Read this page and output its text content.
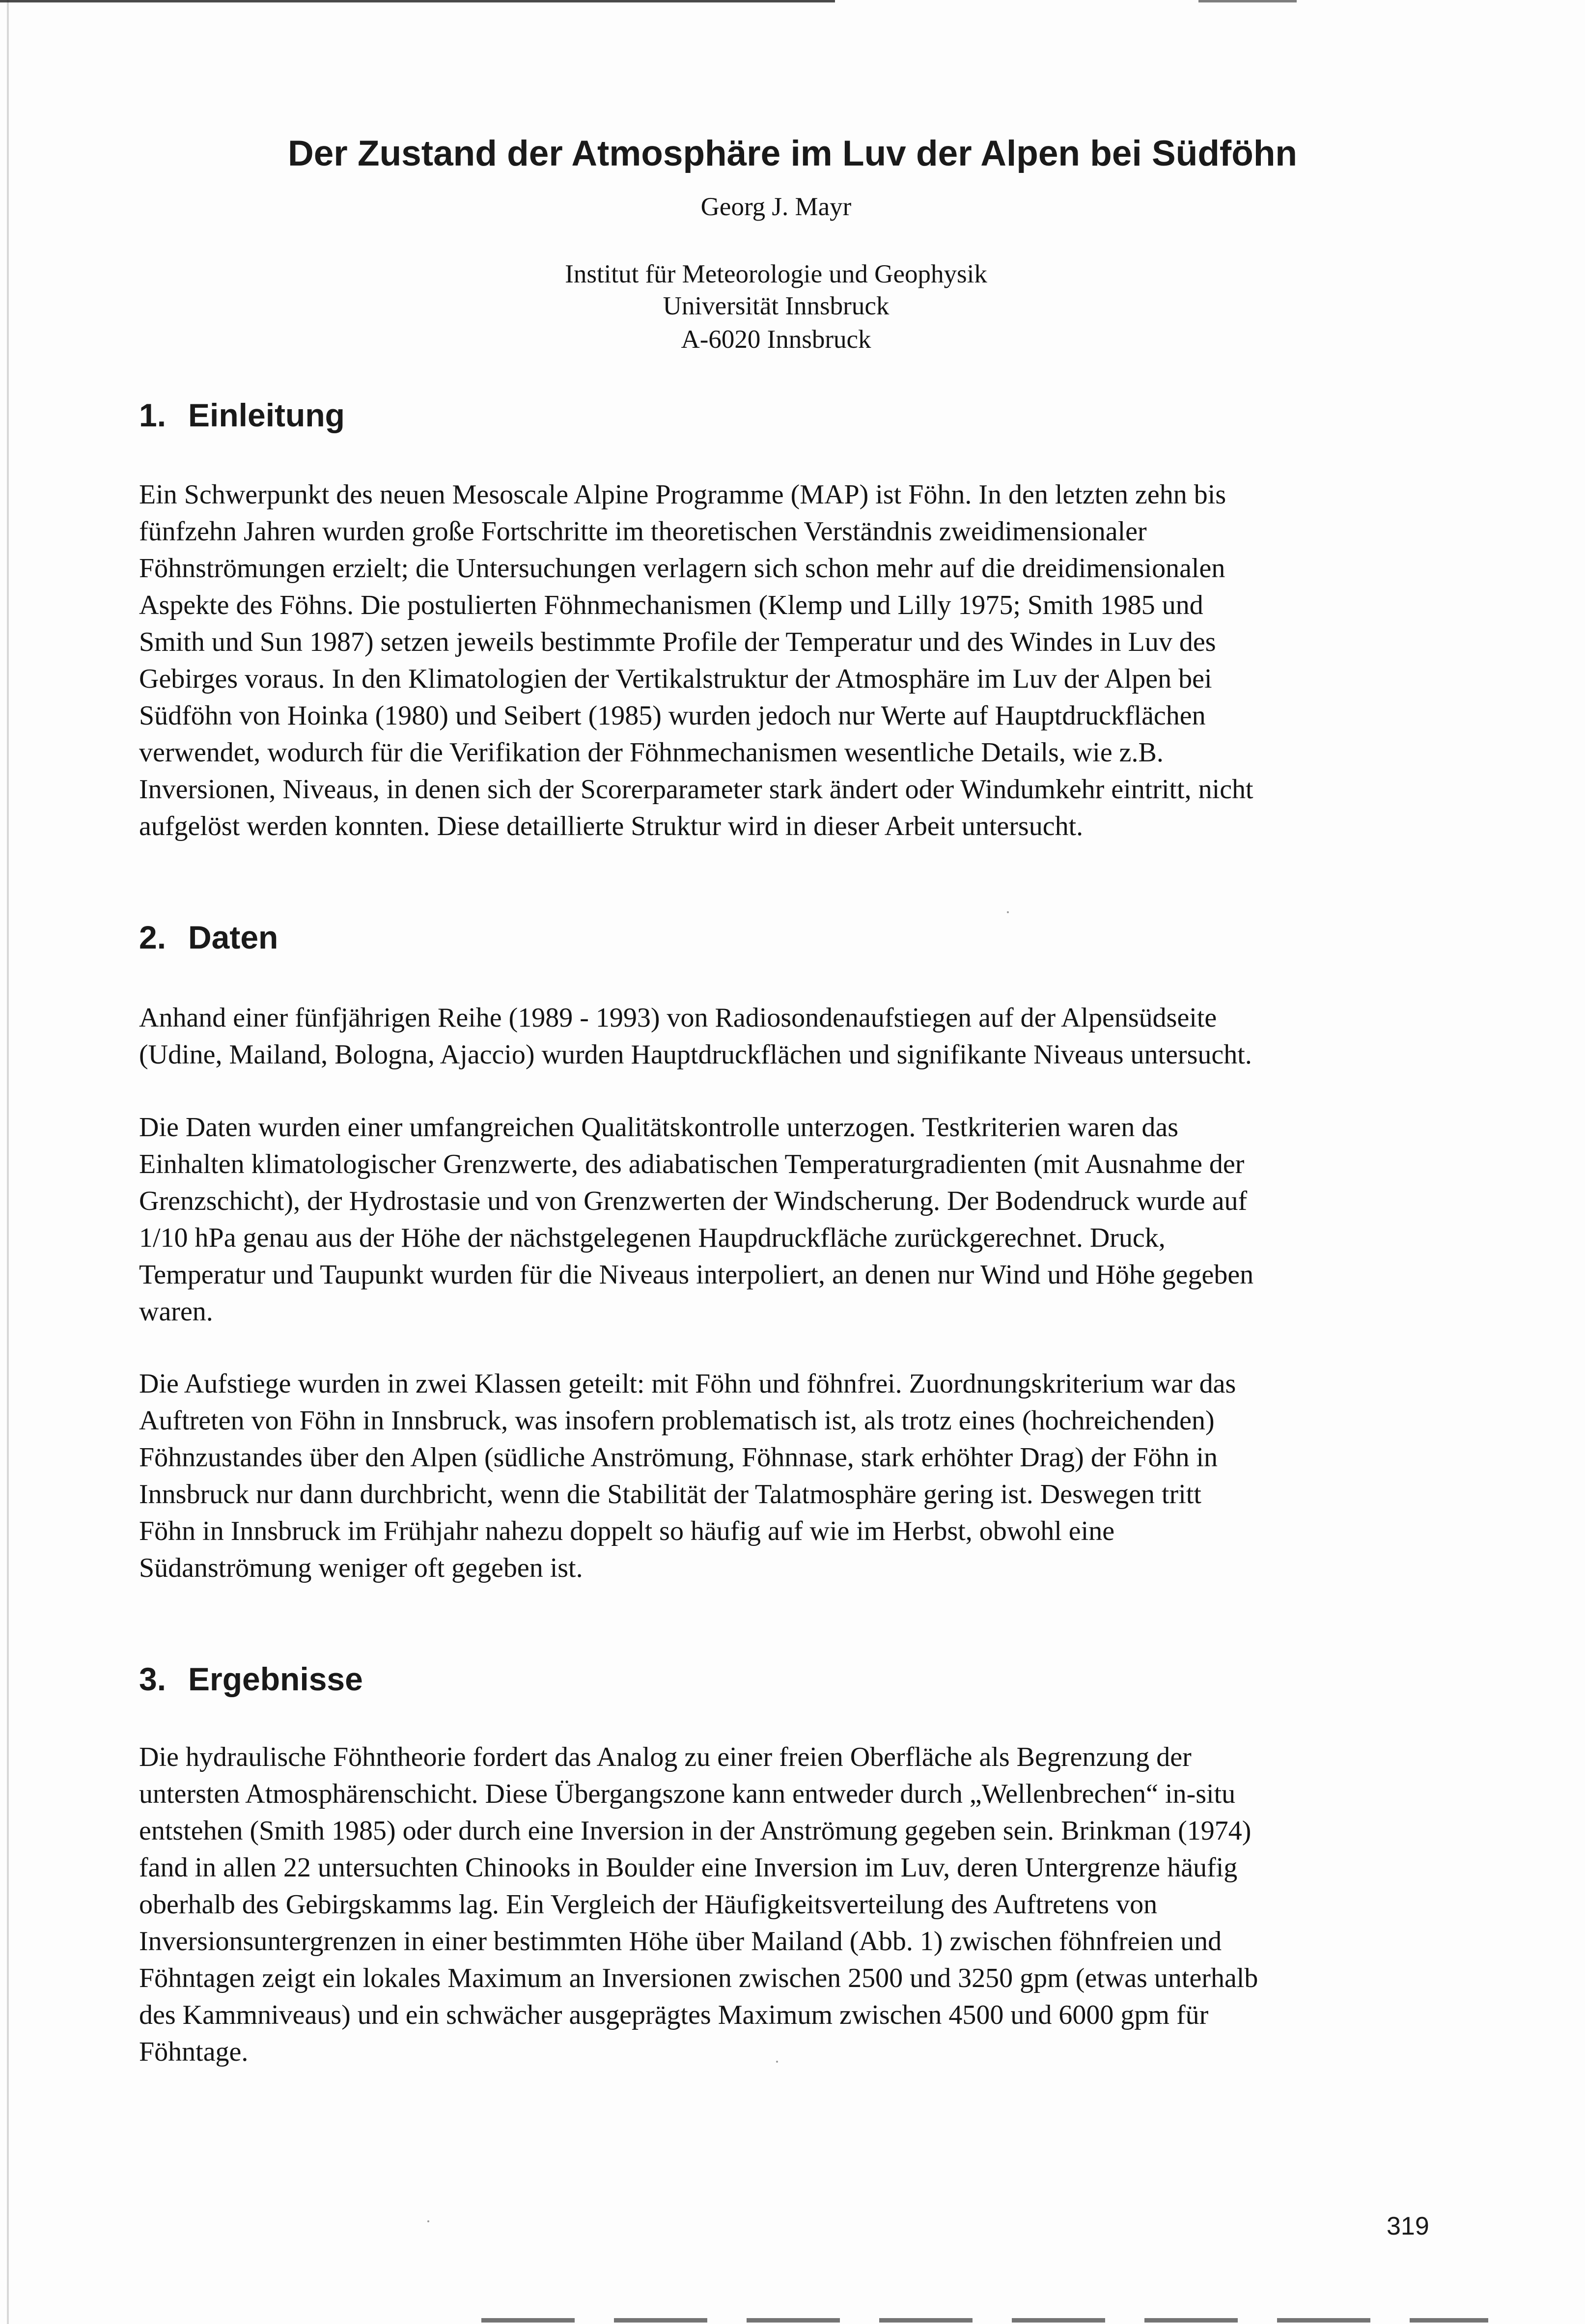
Der Zustand der Atmosphäre im Luv der Alpen bei Südföhn
Georg J. Mayr
Institut für Meteorologie und Geophysik
Universität Innsbruck
A-6020 Innsbruck
1. Einleitung

Ein Schwerpunkt des neuen Mesoscale Alpine Programme (MAP) ist Föhn. In den letzten zehn bis
fünfzehn Jahren wurden große Fortschritte im theoretischen Verständnis zweidimensionaler
Föhnströmungen erzielt; die Untersuchungen verlagern sich schon mehr auf die dreidimensionalen
Aspekte des Föhns. Die postulierten Föhnmechanismen (Klemp und Lilly 1975; Smith 1985 und
Smith und Sun 1987) setzen jeweils bestimmte Profile der Temperatur und des Windes in Luv des
Gebirges voraus. In den Klimatologien der Vertikalstruktur der Atmosphäre im Luv der Alpen bei
Südföhn von Hoinka (1980) und Seibert (1985) wurden jedoch nur Werte auf Hauptdruckflächen
verwendet, wodurch für die Verifikation der Föhnmechanismen wesentliche Details, wie z.B.
Inversionen, Niveaus, in denen sich der Scorerparameter stark ändert oder Windumkehr eintritt, nicht
aufgelöst werden konnten. Diese detaillierte Struktur wird in dieser Arbeit untersucht.

2. Daten

Anhand einer fünfjährigen Reihe (1989 - 1993) von Radiosondenaufstiegen auf der Alpensüdseite
(Udine, Mailand, Bologna, Ajaccio) wurden Hauptdruckflächen und signifikante Niveaus untersucht.

Die Daten wurden einer umfangreichen Qualitätskontrolle unterzogen. Testkriterien waren das
Einhalten klimatologischer Grenzwerte, des adiabatischen Temperaturgradienten (mit Ausnahme der
Grenzschicht), der Hydrostasie und von Grenzwerten der Windscherung. Der Bodendruck wurde auf
1/10 hPa genau aus der Höhe der nächstgelegenen Haupdruckfläche zurückgerechnet. Druck,
Temperatur und Taupunkt wurden für die Niveaus interpoliert, an denen nur Wind und Höhe gegeben
waren.

Die Aufstiege wurden in zwei Klassen geteilt: mit Föhn und föhnfrei. Zuordnungskriterium war das
Auftreten von Föhn in Innsbruck, was insofern problematisch ist, als trotz eines (hochreichenden)
Föhnzustandes über den Alpen (südliche Anströmung, Föhnnase, stark erhöhter Drag) der Föhn in
Innsbruck nur dann durchbricht, wenn die Stabilität der Talatmosphäre gering ist. Deswegen tritt
Föhn in Innsbruck im Frühjahr nahezu doppelt so häufig auf wie im Herbst, obwohl eine
Südanströmung weniger oft gegeben ist.

3. Ergebnisse

Die hydraulische Föhntheorie fordert das Analog zu einer freien Oberfläche als Begrenzung der
untersten Atmosphärenschicht. Diese Übergangszone kann entweder durch „Wellenbrechen“ in-situ
entstehen (Smith 1985) oder durch eine Inversion in der Anströmung gegeben sein. Brinkman (1974)
fand in allen 22 untersuchten Chinooks in Boulder eine Inversion im Luv, deren Untergrenze häufig
oberhalb des Gebirgskamms lag. Ein Vergleich der Häufigkeitsverteilung des Auftretens von
Inversionsuntergrenzen in einer bestimmten Höhe über Mailand (Abb. 1) zwischen föhnfreien und
Föhntagen zeigt ein lokales Maximum an Inversionen zwischen 2500 und 3250 gpm (etwas unterhalb
des Kammniveaus) und ein schwächer ausgeprägtes Maximum zwischen 4500 und 6000 gpm für
Föhntage.

319
